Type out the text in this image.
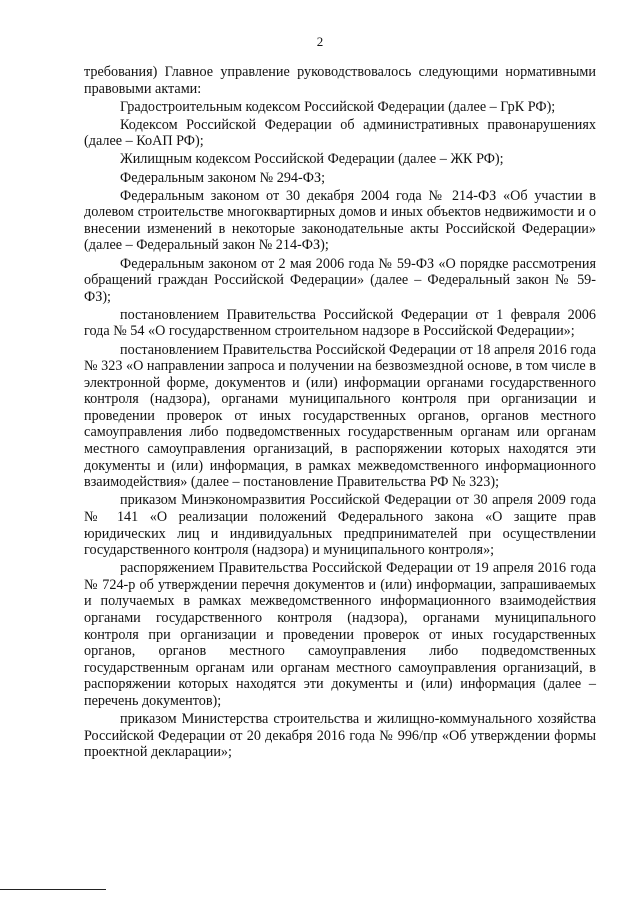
2

требования) Главное управление руководствовалось следующими нормативными правовыми актами:

Градостроительным кодексом Российской Федерации (далее – ГрК РФ);

Кодексом Российской Федерации об административных правонарушениях (далее – КоАП РФ);

Жилищным кодексом Российской Федерации (далее – ЖК РФ);

Федеральным законом № 294-ФЗ;

Федеральным законом от 30 декабря 2004 года № 214-ФЗ «Об участии в долевом строительстве многоквартирных домов и иных объектов недвижимости и о внесении изменений в некоторые законодательные акты Российской Федерации» (далее – Федеральный закон № 214-ФЗ);

Федеральным законом от 2 мая 2006 года № 59-ФЗ «О порядке рассмотрения обращений граждан Российской Федерации» (далее – Федеральный закон № 59-ФЗ);

постановлением Правительства Российской Федерации от 1 февраля 2006 года № 54 «О государственном строительном надзоре в Российской Федерации»;

постановлением Правительства Российской Федерации от 18 апреля 2016 года № 323 «О направлении запроса и получении на безвозмездной основе, в том числе в электронной форме, документов и (или) информации органами государственного контроля (надзора), органами муниципального контроля при организации и проведении проверок от иных государственных органов, органов местного самоуправления либо подведомственных государственным органам или органам местного самоуправления организаций, в распоряжении которых находятся эти документы и (или) информация, в рамках межведомственного информационного взаимодействия» (далее – постановление Правительства РФ № 323);

приказом Минэкономразвития Российской Федерации от 30 апреля 2009 года № 141 «О реализации положений Федерального закона «О защите прав юридических лиц и индивидуальных предпринимателей при осуществлении государственного контроля (надзора) и муниципального контроля»;

распоряжением Правительства Российской Федерации от 19 апреля 2016 года № 724-р об утверждении перечня документов и (или) информации, запрашиваемых и получаемых в рамках межведомственного информационного взаимодействия органами государственного контроля (надзора), органами муниципального контроля при организации и проведении проверок от иных государственных органов, органов местного самоуправления либо подведомственных государственным органам или органам местного самоуправления организаций, в распоряжении которых находятся эти документы и (или) информация (далее – перечень документов);

приказом Министерства строительства и жилищно-коммунального хозяйства Российской Федерации от 20 декабря 2016 года № 996/пр «Об утверждении формы проектной декларации»;
